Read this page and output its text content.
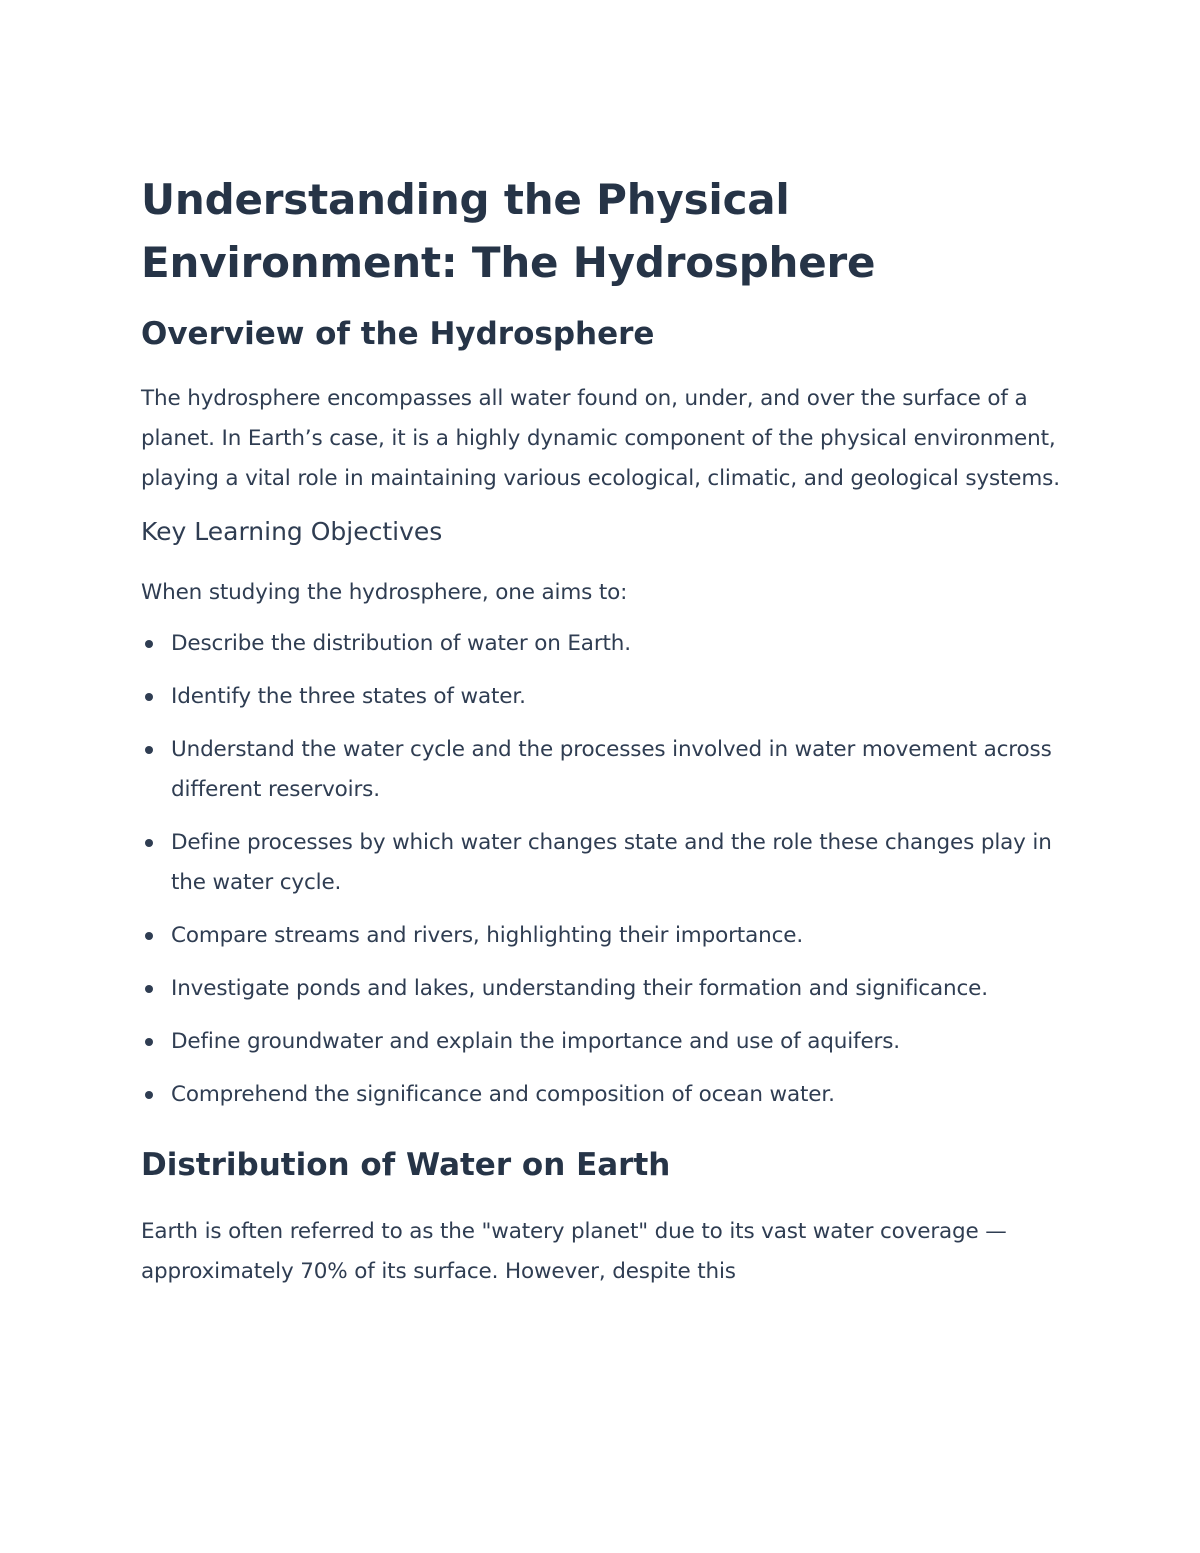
Understanding the Physical Environment: The Hydrosphere
Overview of the Hydrosphere

The hydrosphere encompasses all water found on, under, and over the surface of a planet. In Earth’s case, it is a highly dynamic component of the physical environment, playing a vital role in maintaining various ecological, climatic, and geological systems.

Key Learning Objectives

When studying the hydrosphere, one aims to:

Describe the distribution of water on Earth.
Identify the three states of water.
Understand the water cycle and the processes involved in water movement across different reservoirs.
Define processes by which water changes state and the role these changes play in the water cycle.
Compare streams and rivers, highlighting their importance.
Investigate ponds and lakes, understanding their formation and significance.
Define groundwater and explain the importance and use of aquifers.
Comprehend the significance and composition of ocean water.
Distribution of Water on Earth

Earth is often referred to as the "watery planet" due to its vast water coverage — approximately 70% of its surface. However, despite this
